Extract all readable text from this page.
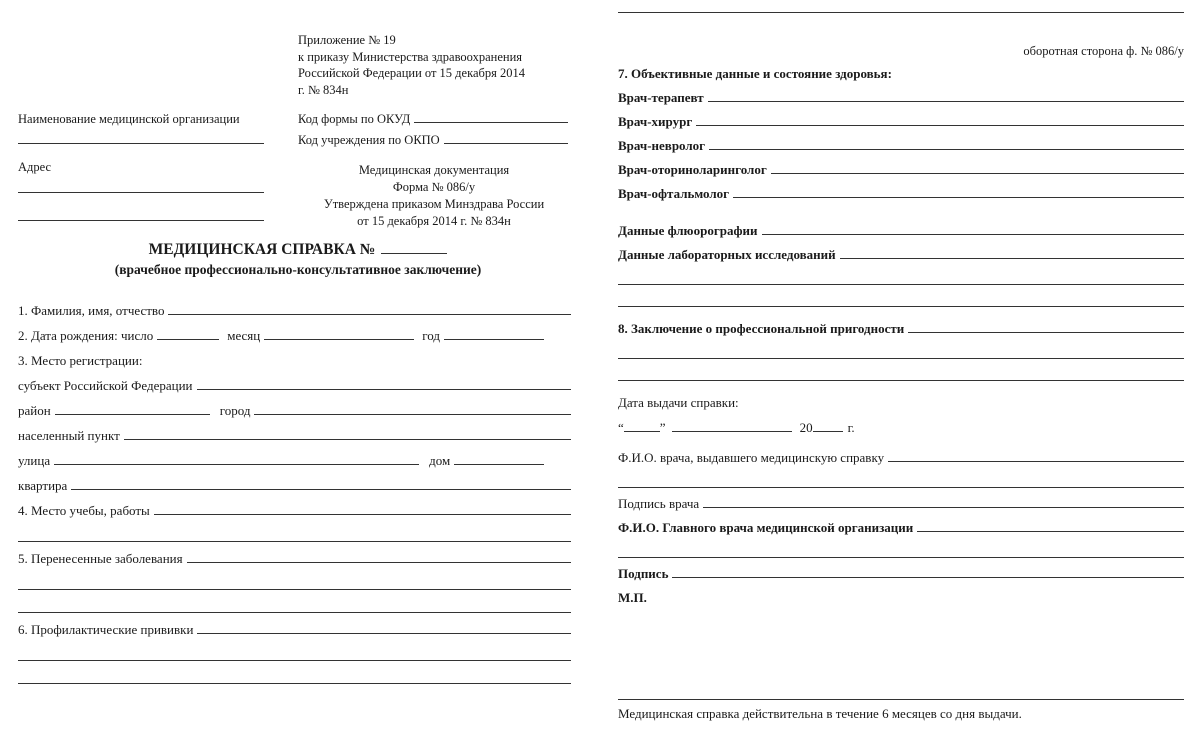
Приложение № 19
к приказу Министерства здравоохранения
Российской Федерации от 15 декабря 2014
г. № 834н
Наименование медицинской организации
Адрес
Код формы по ОКУД
Код учреждения по ОКПО
Медицинская документация
Форма № 086/у
Утверждена приказом Минздрава России
от 15 декабря 2014 г. № 834н
МЕДИЦИНСКАЯ СПРАВКА №
(врачебное профессионально-консультативное заключение)
1. Фамилия, имя, отчество
2. Дата рождения: число	месяц	год
3. Место регистрации:
субъект Российской Федерации
район	город
населенный пункт
улица	дом
квартира
4. Место учебы, работы
5. Перенесенные заболевания
6. Профилактические прививки
оборотная сторона ф. № 086/у
7. Объективные данные и состояние здоровья:
Врач-терапевт
Врач-хирург
Врач-невролог
Врач-оториноларинголог
Врач-офтальмолог
Данные флюорографии
Данные лабораторных исследований
8. Заключение о профессиональной пригодности
Дата выдачи справки:
“	”	20	г.
Ф.И.О. врача, выдавшего медицинскую справку
Подпись врача
Ф.И.О. Главного врача медицинской организации
Подпись
М.П.
Медицинская справка действительна в течение 6 месяцев со дня выдачи.
